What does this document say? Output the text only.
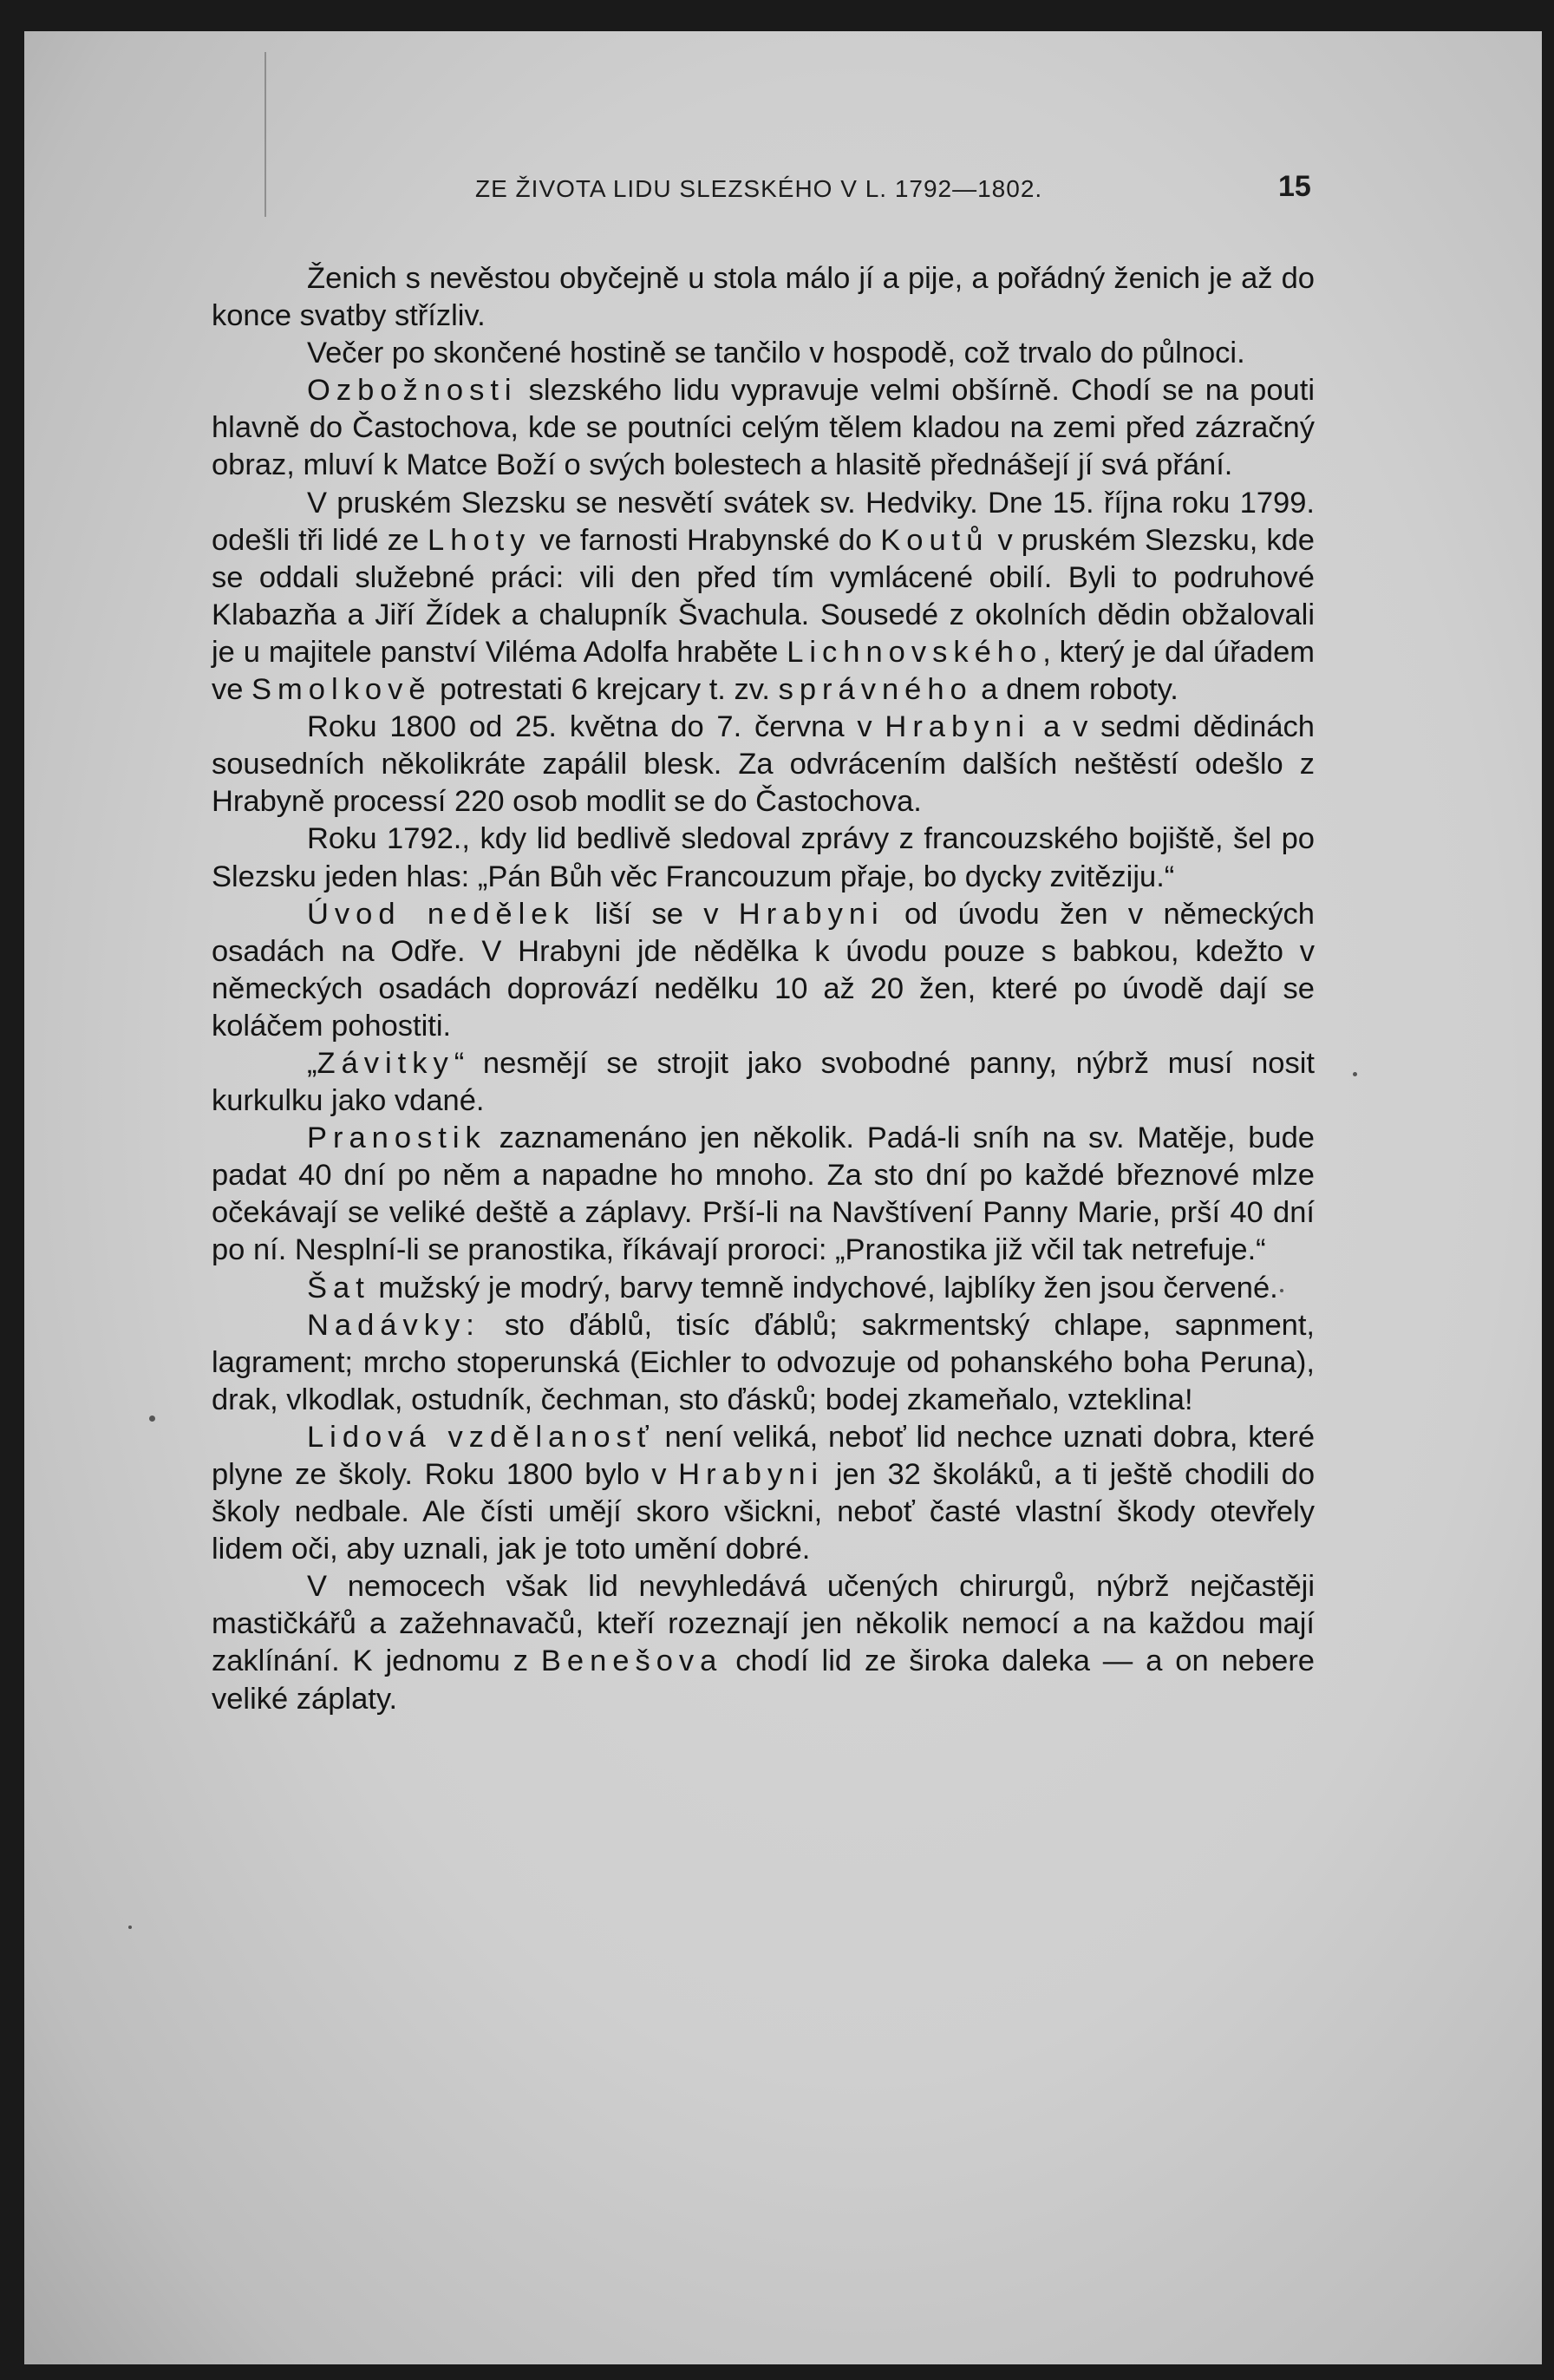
ZE ŽIVOTA LIDU SLEZSKÉHO V L. 1792—1802.	15

Ženich s nevěstou obyčejně u stola málo jí a pije, a pořádný ženich je až do konce svatby střízliv.

Večer po skončené hostině se tančilo v hospodě, což trvalo do půlnoci.

Ozbožnosti slezského lidu vypravuje velmi obšírně. Chodí se na pouti hlavně do Častochova, kde se poutníci celým tělem kladou na zemi před zázračný obraz, mluví k Matce Boží o svých bolestech a hlasitě přednášejí jí svá přání.

V pruském Slezsku se nesvětí svátek sv. Hedviky. Dne 15. října roku 1799. odešli tři lidé ze Lhoty ve farnosti Hrabynské do Koutů v pruském Slezsku, kde se oddali služebné práci: vili den před tím vymlácené obilí. Byli to podruhové Klabazňa a Jiří Žídek a chalupník Švachula. Sousedé z okolních dědin obžalovali je u majitele panství Viléma Adolfa hraběte Lichnovského, který je dal úřadem ve Smolkově potrestati 6 krejcary t. zv. správného a dnem roboty.

Roku 1800 od 25. května do 7. června v Hrabyni a v sedmi dědinách sousedních několikráte zapálil blesk. Za odvrácením dalších neštěstí odešlo z Hrabyně processí 220 osob modlit se do Častochova.

Roku 1792., kdy lid bedlivě sledoval zprávy z francouzského bojiště, šel po Slezsku jeden hlas: „Pán Bůh věc Francouzum přaje, bo dycky zvitěziju.“

Úvod nedělek liší se v Hrabyni od úvodu žen v německých osadách na Odře. V Hrabyni jde nědělka k úvodu pouze s babkou, kdežto v německých osadách doprovází nedělku 10 až 20 žen, které po úvodě dají se koláčem pohostiti.

„Závitky“ nesmějí se strojit jako svobodné panny, nýbrž musí nosit kurkulku jako vdané.

Pranostik zaznamenáno jen několik. Padá-li sníh na sv. Matěje, bude padat 40 dní po něm a napadne ho mnoho. Za sto dní po každé březnové mlze očekávají se veliké deště a záplavy. Prší-li na Navštívení Panny Marie, prší 40 dní po ní. Nesplní-li se pranostika, říkávají proroci: „Pranostika již včil tak netrefuje.“

Šat mužský je modrý, barvy temně indychové, lajblíky žen jsou červené.

Nadávky: sto ďáblů, tisíc ďáblů; sakrmentský chlape, sapnment, lagrament; mrcho stoperunská (Eichler to odvozuje od pohanského boha Peruna), drak, vlkodlak, ostudník, čechman, sto ďásků; bodej zkameňalo, vzteklina!

Lidová vzdělanosť není veliká, neboť lid nechce uznati dobra, které plyne ze školy. Roku 1800 bylo v Hrabyni jen 32 školáků, a ti ještě chodili do školy nedbale. Ale čísti umějí skoro všickni, neboť časté vlastní škody otevřely lidem oči, aby uznali, jak je toto umění dobré.

V nemocech však lid nevyhledává učených chirurgů, nýbrž nejčastěji mastičkářů a zažehnavačů, kteří rozeznají jen několik nemocí a na každou mají zaklínání. K jednomu z Benešova chodí lid ze široka daleka — a on nebere veliké záplaty.
